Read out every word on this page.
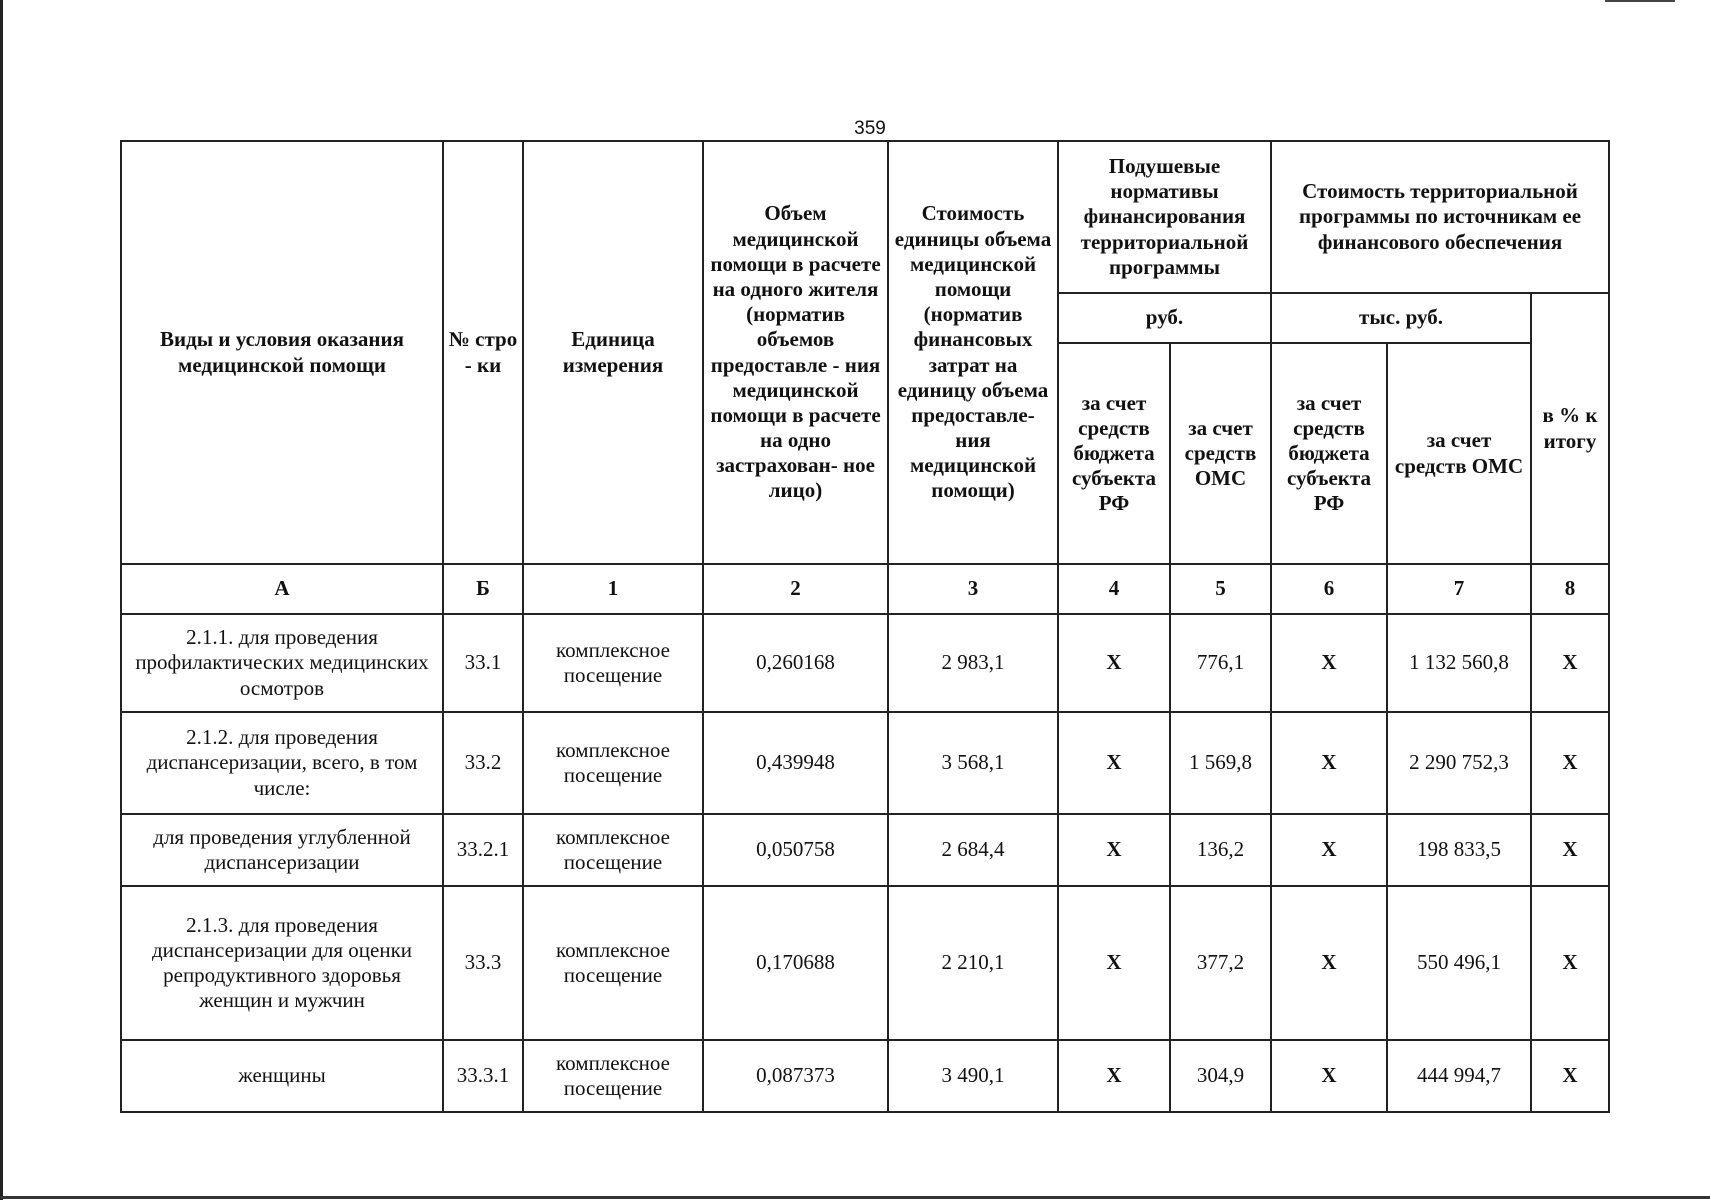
359
Виды и условия оказания медицинской помощи	№ стро - ки	Единица измерения	Объем медицинской помощи в расчете на одного жителя (норматив объемов предоставле - ния медицинской помощи в расчете на одно застрахован- ное лицо)	Стоимость единицы объема медицинской помощи (норматив финансовых затрат на единицу объема предоставле- ния медицинской помощи)	Подушевые нормативы финансирования территориальной программы		Стоимость территориальной программы по источникам ее финансового обеспечения		
					руб.		тыс. руб.		в % к итогу
					за счет средств бюджета субъекта РФ	за счет средств ОМС	за счет средств бюджета субъекта РФ	за счет средств ОМС	
А	Б	1	2	3	4	5	6	7	8
2.1.1. для проведения профилактических медицинских осмотров	33.1	комплексное посещение	0,260168	2 983,1	Х	776,1	Х	1 132 560,8	Х
2.1.2. для проведения диспансеризации, всего, в том числе:	33.2	комплексное посещение	0,439948	3 568,1	Х	1 569,8	Х	2 290 752,3	Х
для проведения углубленной диспансеризации	33.2.1	комплексное посещение	0,050758	2 684,4	Х	136,2	Х	198 833,5	Х
2.1.3. для проведения диспансеризации для оценки репродуктивного здоровья женщин и мужчин	33.3	комплексное посещение	0,170688	2 210,1	Х	377,2	Х	550 496,1	Х
женщины	33.3.1	комплексное посещение	0,087373	3 490,1	Х	304,9	Х	444 994,7	Х
